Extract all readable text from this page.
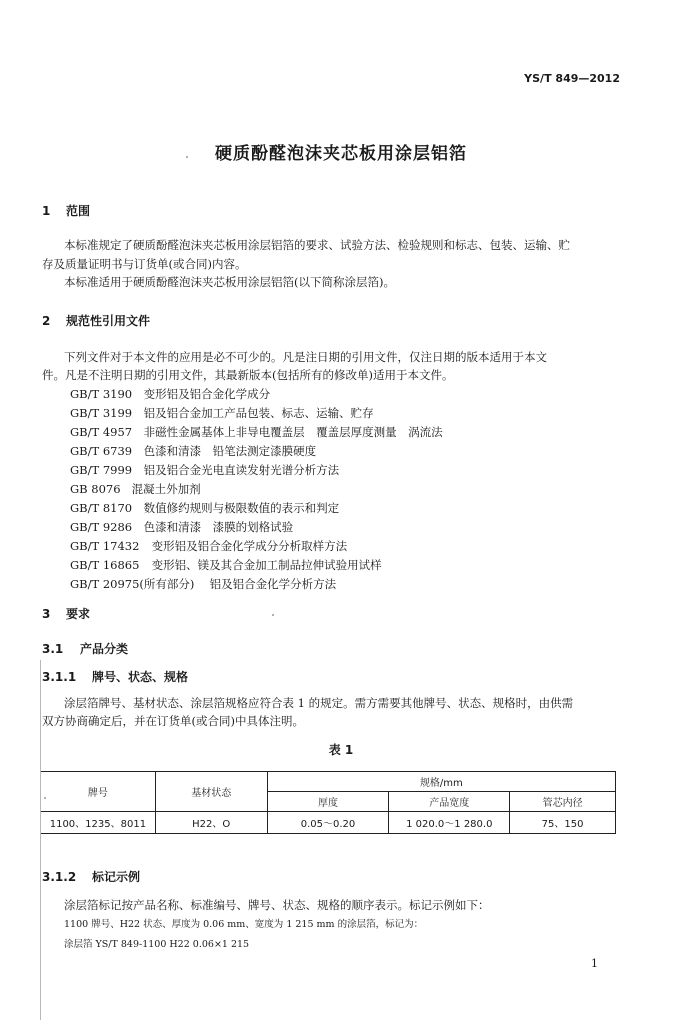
YS/T 849—2012
硬质酚醛泡沫夹芯板用涂层铝箔
1 范围
本标准规定了硬质酚醛泡沫夹芯板用涂层铝箔的要求、试验方法、检验规则和标志、包装、运输、贮
存及质量证明书与订货单(或合同)内容。
本标准适用于硬质酚醛泡沫夹芯板用涂层铝箔(以下简称涂层箔)。
2 规范性引用文件
下列文件对于本文件的应用是必不可少的。凡是注日期的引用文件，仅注日期的版本适用于本文
件。凡是不注明日期的引用文件，其最新版本(包括所有的修改单)适用于本文件。
GB/T 3190 变形铝及铝合金化学成分
GB/T 3199 铝及铝合金加工产品包装、标志、运输、贮存
GB/T 4957 非磁性金属基体上非导电覆盖层　覆盖层厚度测量　涡流法
GB/T 6739 色漆和清漆　铅笔法测定漆膜硬度
GB/T 7999 铝及铝合金光电直读发射光谱分析方法
GB 8076 混凝土外加剂
GB/T 8170 数值修约规则与极限数值的表示和判定
GB/T 9286 色漆和清漆　漆膜的划格试验
GB/T 17432 变形铝及铝合金化学成分分析取样方法
GB/T 16865 变形铝、镁及其合金加工制品拉伸试验用试样
GB/T 20975(所有部分) 铝及铝合金化学分析方法
3 要求
3.1 产品分类
3.1.1 牌号、状态、规格
涂层箔牌号、基材状态、涂层箔规格应符合表 1 的规定。需方需要其他牌号、状态、规格时，由供需
双方协商确定后，并在订货单(或合同)中具体注明。
表 1
牌号	基材状态	规格/mm		
		厚度	产品宽度	管芯内径
1100、1235、8011	H22、O	0.05～0.20	1 020.0～1 280.0	75、150
3.1.2 标记示例
涂层箔标记按产品名称、标准编号、牌号、状态、规格的顺序表示。标记示例如下：
1100 牌号、H22 状态、厚度为 0.06 mm、宽度为 1 215 mm 的涂层箔，标记为：
涂层箔 YS/T 849-1100 H22 0.06×1 215
1
